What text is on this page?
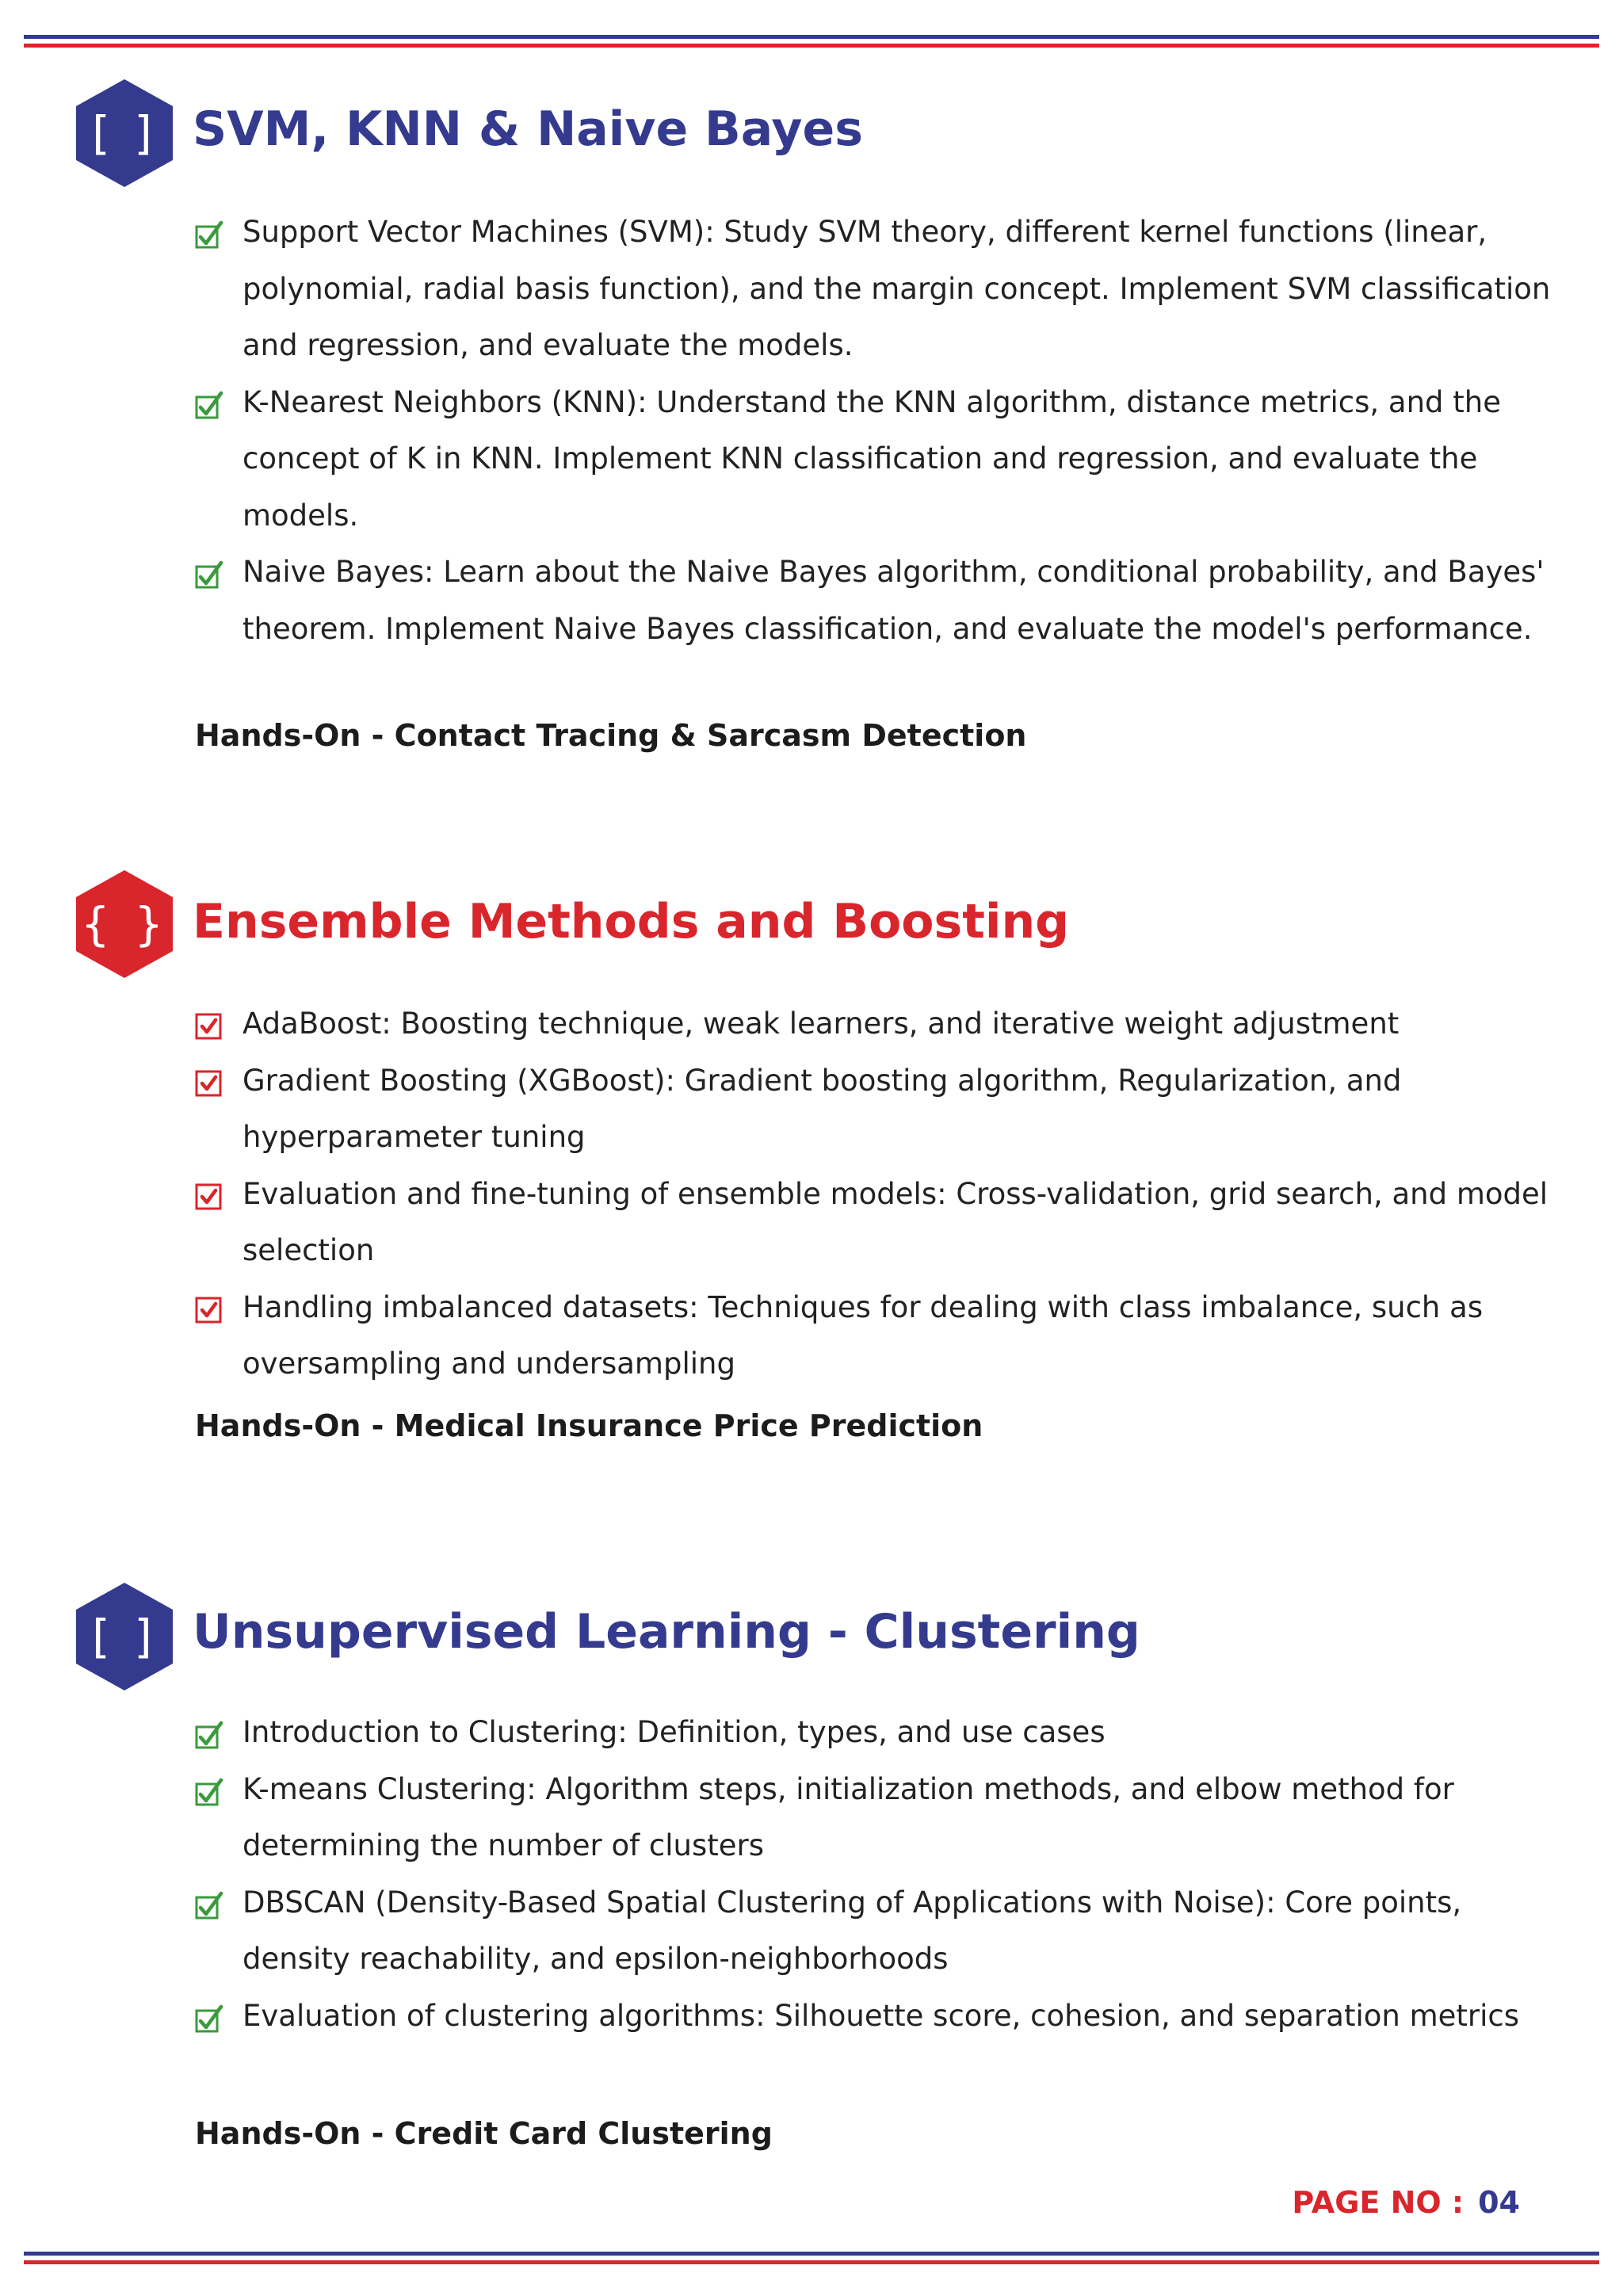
[ ] SVM, KNN & Naive Bayes
Support Vector Machines (SVM): Study SVM theory, different kernel functions (linear, polynomial, radial basis function), and the margin concept. Implement SVM classification and regression, and evaluate the models.
K-Nearest Neighbors (KNN): Understand the KNN algorithm, distance metrics, and the concept of K in KNN. Implement KNN classification and regression, and evaluate the models.
Naive Bayes: Learn about the Naive Bayes algorithm, conditional probability, and Bayes' theorem. Implement Naive Bayes classification, and evaluate the model's performance.

Hands-On - Contact Tracing & Sarcasm Detection

{ } Ensemble Methods and Boosting
AdaBoost: Boosting technique, weak learners, and iterative weight adjustment
Gradient Boosting (XGBoost): Gradient boosting algorithm, Regularization, and hyperparameter tuning
Evaluation and fine-tuning of ensemble models: Cross-validation, grid search, and model selection
Handling imbalanced datasets: Techniques for dealing with class imbalance, such as oversampling and undersampling

Hands-On - Medical Insurance Price Prediction

[ ] Unsupervised Learning - Clustering
Introduction to Clustering: Definition, types, and use cases
K-means Clustering: Algorithm steps, initialization methods, and elbow method for determining the number of clusters
DBSCAN (Density-Based Spatial Clustering of Applications with Noise): Core points, density reachability, and epsilon-neighborhoods
Evaluation of clustering algorithms: Silhouette score, cohesion, and separation metrics

Hands-On - Credit Card Clustering

PAGE NO : 04
